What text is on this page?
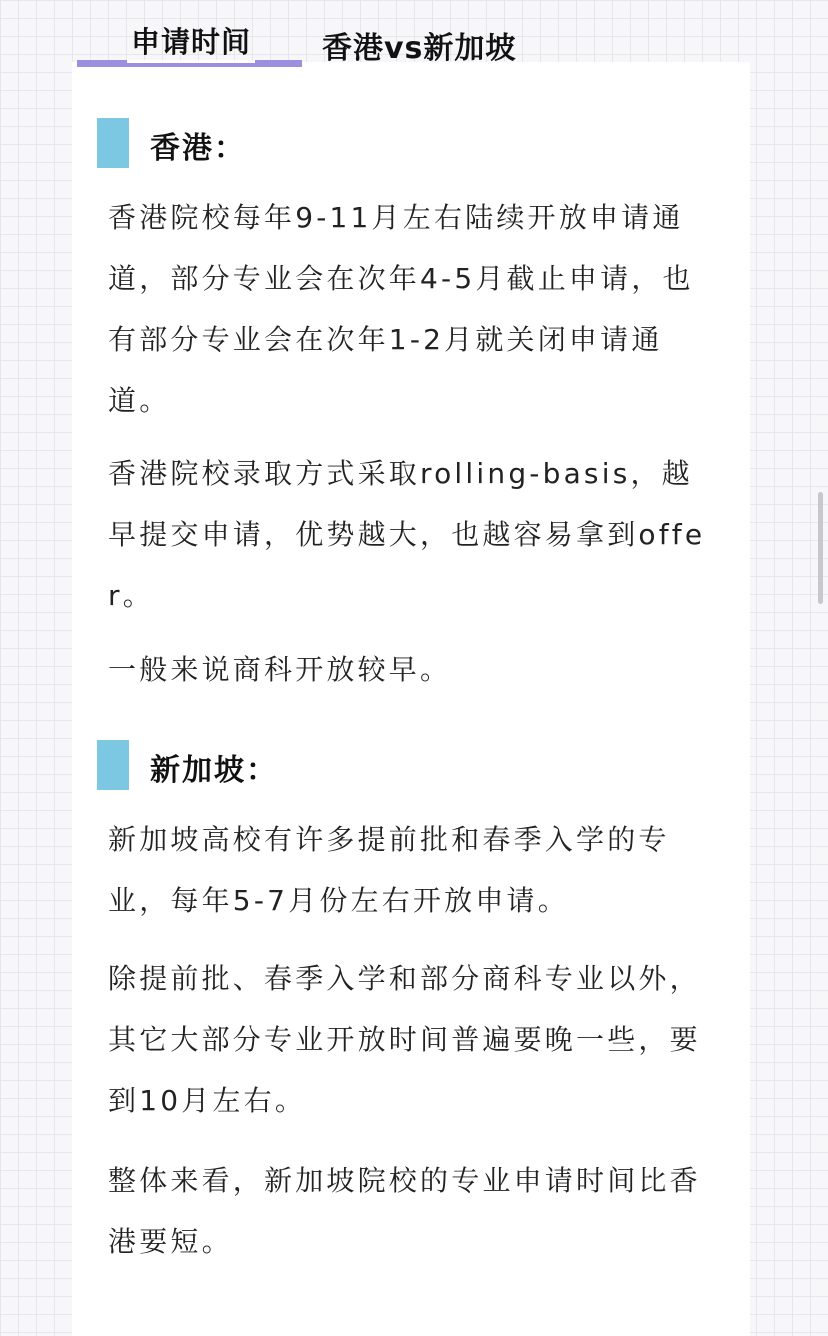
申请时间 香港vs新加坡
香港：
香港院校每年9-11月左右陆续开放申请通道，部分专业会在次年4-5月截止申请，也有部分专业会在次年1-2月就关闭申请通道。
香港院校录取方式采取rolling-basis，越早提交申请，优势越大，也越容易拿到offer。
一般来说商科开放较早。
新加坡：
新加坡高校有许多提前批和春季入学的专业，每年5-7月份左右开放申请。
除提前批、春季入学和部分商科专业以外，其它大部分专业开放时间普遍要晚一些，要到10月左右。
整体来看，新加坡院校的专业申请时间比香港要短。
